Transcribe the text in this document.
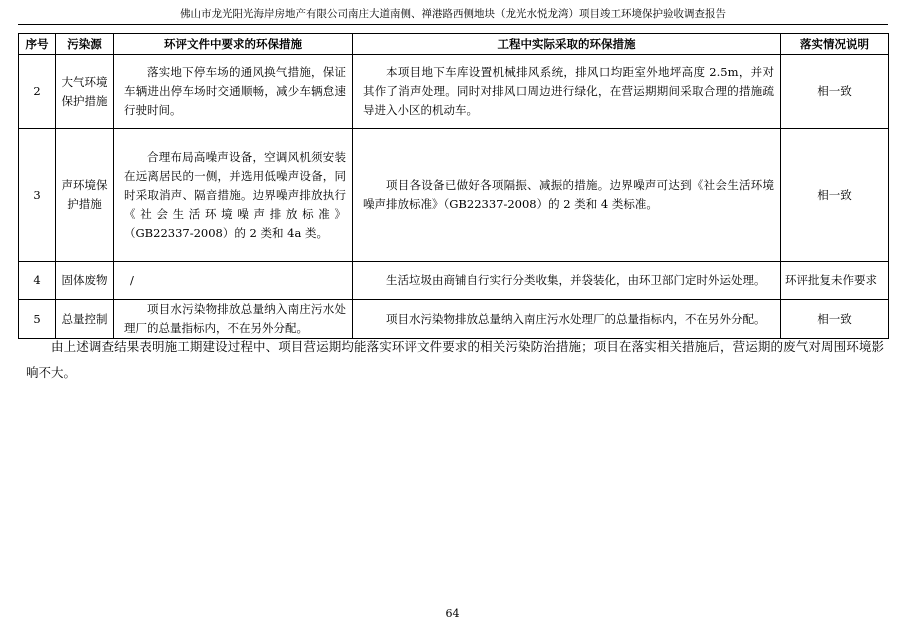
佛山市龙光阳光海岸房地产有限公司南庄大道南侧、禅港路西侧地块（龙光水悦龙湾）项目竣工环境保护验收调查报告
序号	污染源	环评文件中要求的环保措施	工程中实际采取的环保措施	落实情况说明
2	大气环境保护措施	落实地下停车场的通风换气措施，保证车辆进出停车场时交通顺畅，减少车辆怠速行驶时间。	本项目地下车库设置机械排风系统，排风口均距室外地坪高度 2.5m，并对其作了消声处理。同时对排风口周边进行绿化，在营运期期间采取合理的措施疏导进入小区的机动车。	相一致
3	声环境保护措施	合理布局高噪声设备，空调风机须安装在远离居民的一侧，并选用低噪声设备，同时采取消声、隔音措施。边界噪声排放执行《社会生活环境噪声排放标准》（GB22337-2008）的 2 类和 4a 类。	项目各设备已做好各项隔振、减振的措施。边界噪声可达到《社会生活环境噪声排放标准》（GB22337-2008）的 2 类和 4 类标准。	相一致
4	固体废物	/	生活垃圾由商铺自行实行分类收集，并袋装化，由环卫部门定时外运处理。	环评批复未作要求
5	总量控制	项目水污染物排放总量纳入南庄污水处理厂的总量指标内，不在另外分配。	项目水污染物排放总量纳入南庄污水处理厂的总量指标内，不在另外分配。	相一致
由上述调查结果表明施工期建设过程中、项目营运期均能落实环评文件要求的相关污染防治措施；项目在落实相关措施后，营运期的废气对周围环境影响不大。
64
